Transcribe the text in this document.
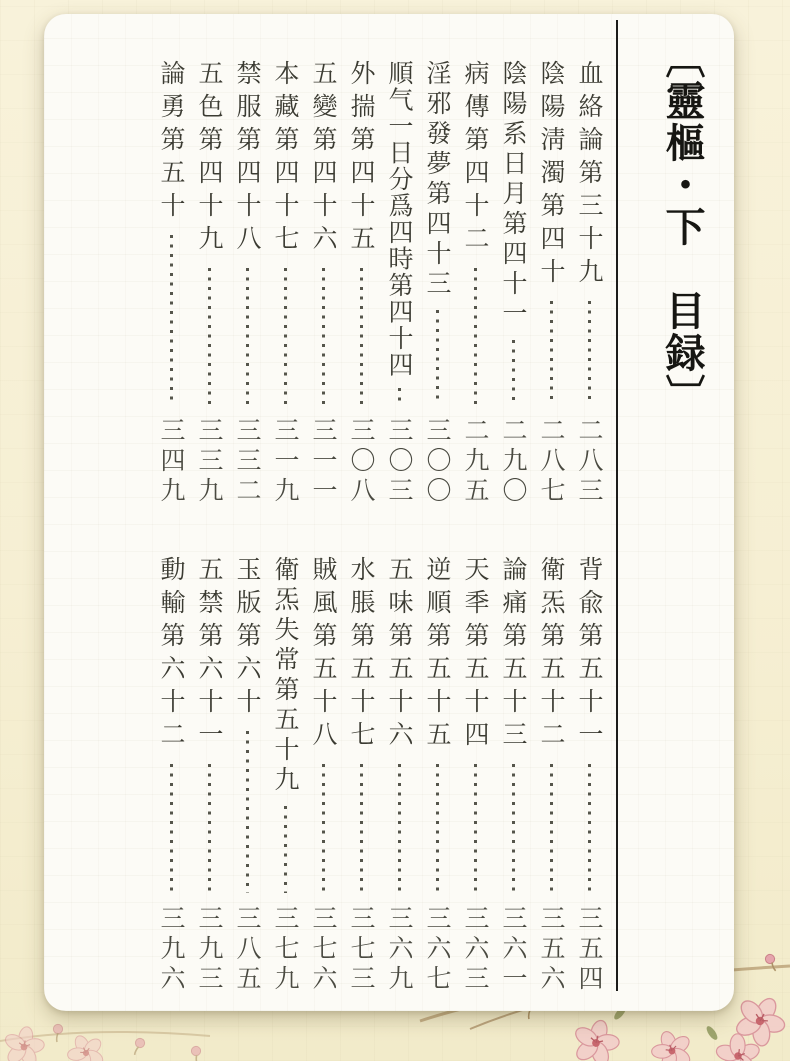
〔靈樞・下　目録〕
血絡論第三十九
二八三
陰陽淸濁第四十
二八七
陰陽系日月第四十一
二九〇
病傳第四十二
二九五
淫邪發夢第四十三
三〇〇
順气一日分爲四時第四十四
三〇三
外揣第四十五
三〇八
五變第四十六
三一一
本藏第四十七
三一九
禁服第四十八
三三二
五色第四十九
三三九
論勇第五十
三四九
背兪第五十一
三五四
衛炁第五十二
三五六
論痛第五十三
三六一
天秊第五十四
三六三
逆順第五十五
三六七
五味第五十六
三六九
水脹第五十七
三七三
賊風第五十八
三七六
衛炁失常第五十九
三七九
玉版第六十
三八五
五禁第六十一
三九三
動輸第六十二
三九六
